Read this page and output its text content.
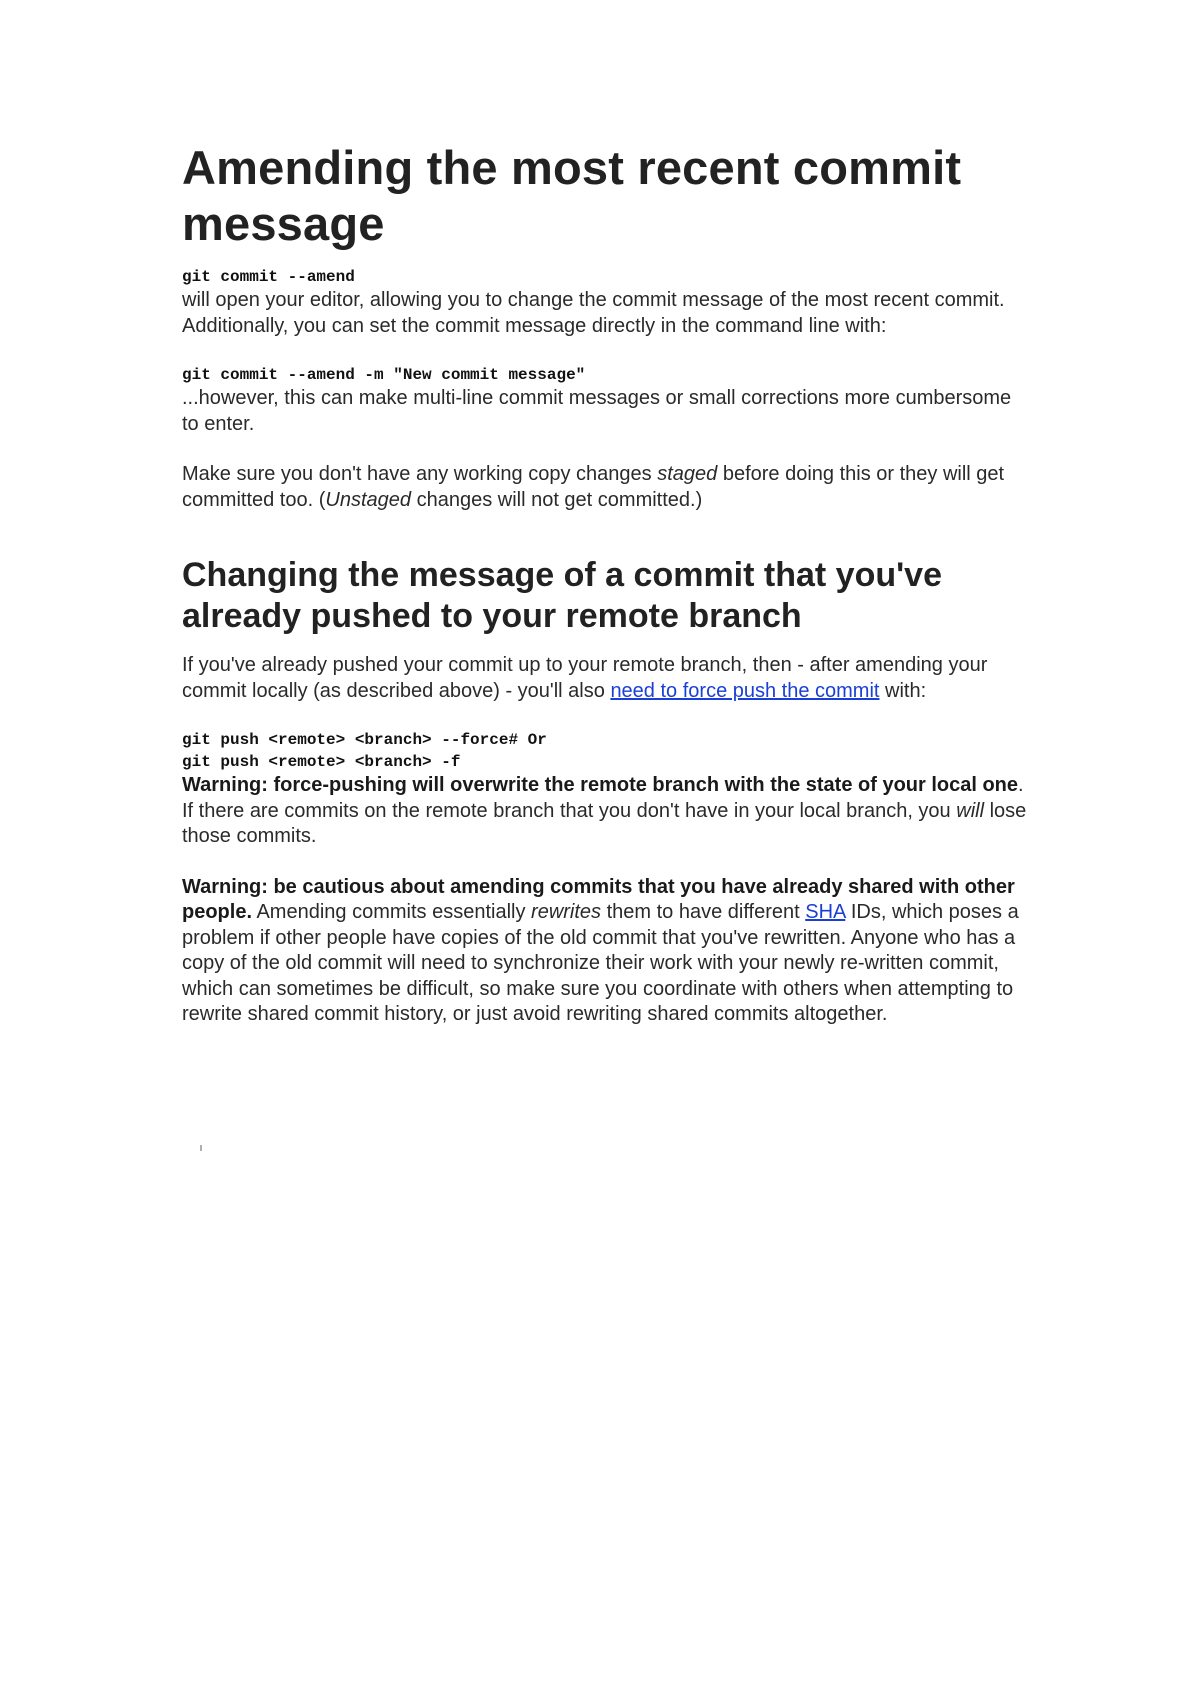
Amending the most recent commit message
git commit --amend

will open your editor, allowing you to change the commit message of the most recent commit. Additionally, you can set the commit message directly in the command line with:

git commit --amend -m "New commit message"

...however, this can make multi-line commit messages or small corrections more cumbersome to enter.

Make sure you don't have any working copy changes staged before doing this or they will get committed too. (Unstaged changes will not get committed.)

Changing the message of a commit that you've already pushed to your remote branch

If you've already pushed your commit up to your remote branch, then - after amending your commit locally (as described above) - you'll also need to force push the commit with:

git push <remote> <branch> --force# Or
git push <remote> <branch> -f

Warning: force-pushing will overwrite the remote branch with the state of your local one. If there are commits on the remote branch that you don't have in your local branch, you will lose those commits.

Warning: be cautious about amending commits that you have already shared with other people. Amending commits essentially rewrites them to have different SHA IDs, which poses a problem if other people have copies of the old commit that you've rewritten. Anyone who has a copy of the old commit will need to synchronize their work with your newly re-written commit, which can sometimes be difficult, so make sure you coordinate with others when attempting to rewrite shared commit history, or just avoid rewriting shared commits altogether.
